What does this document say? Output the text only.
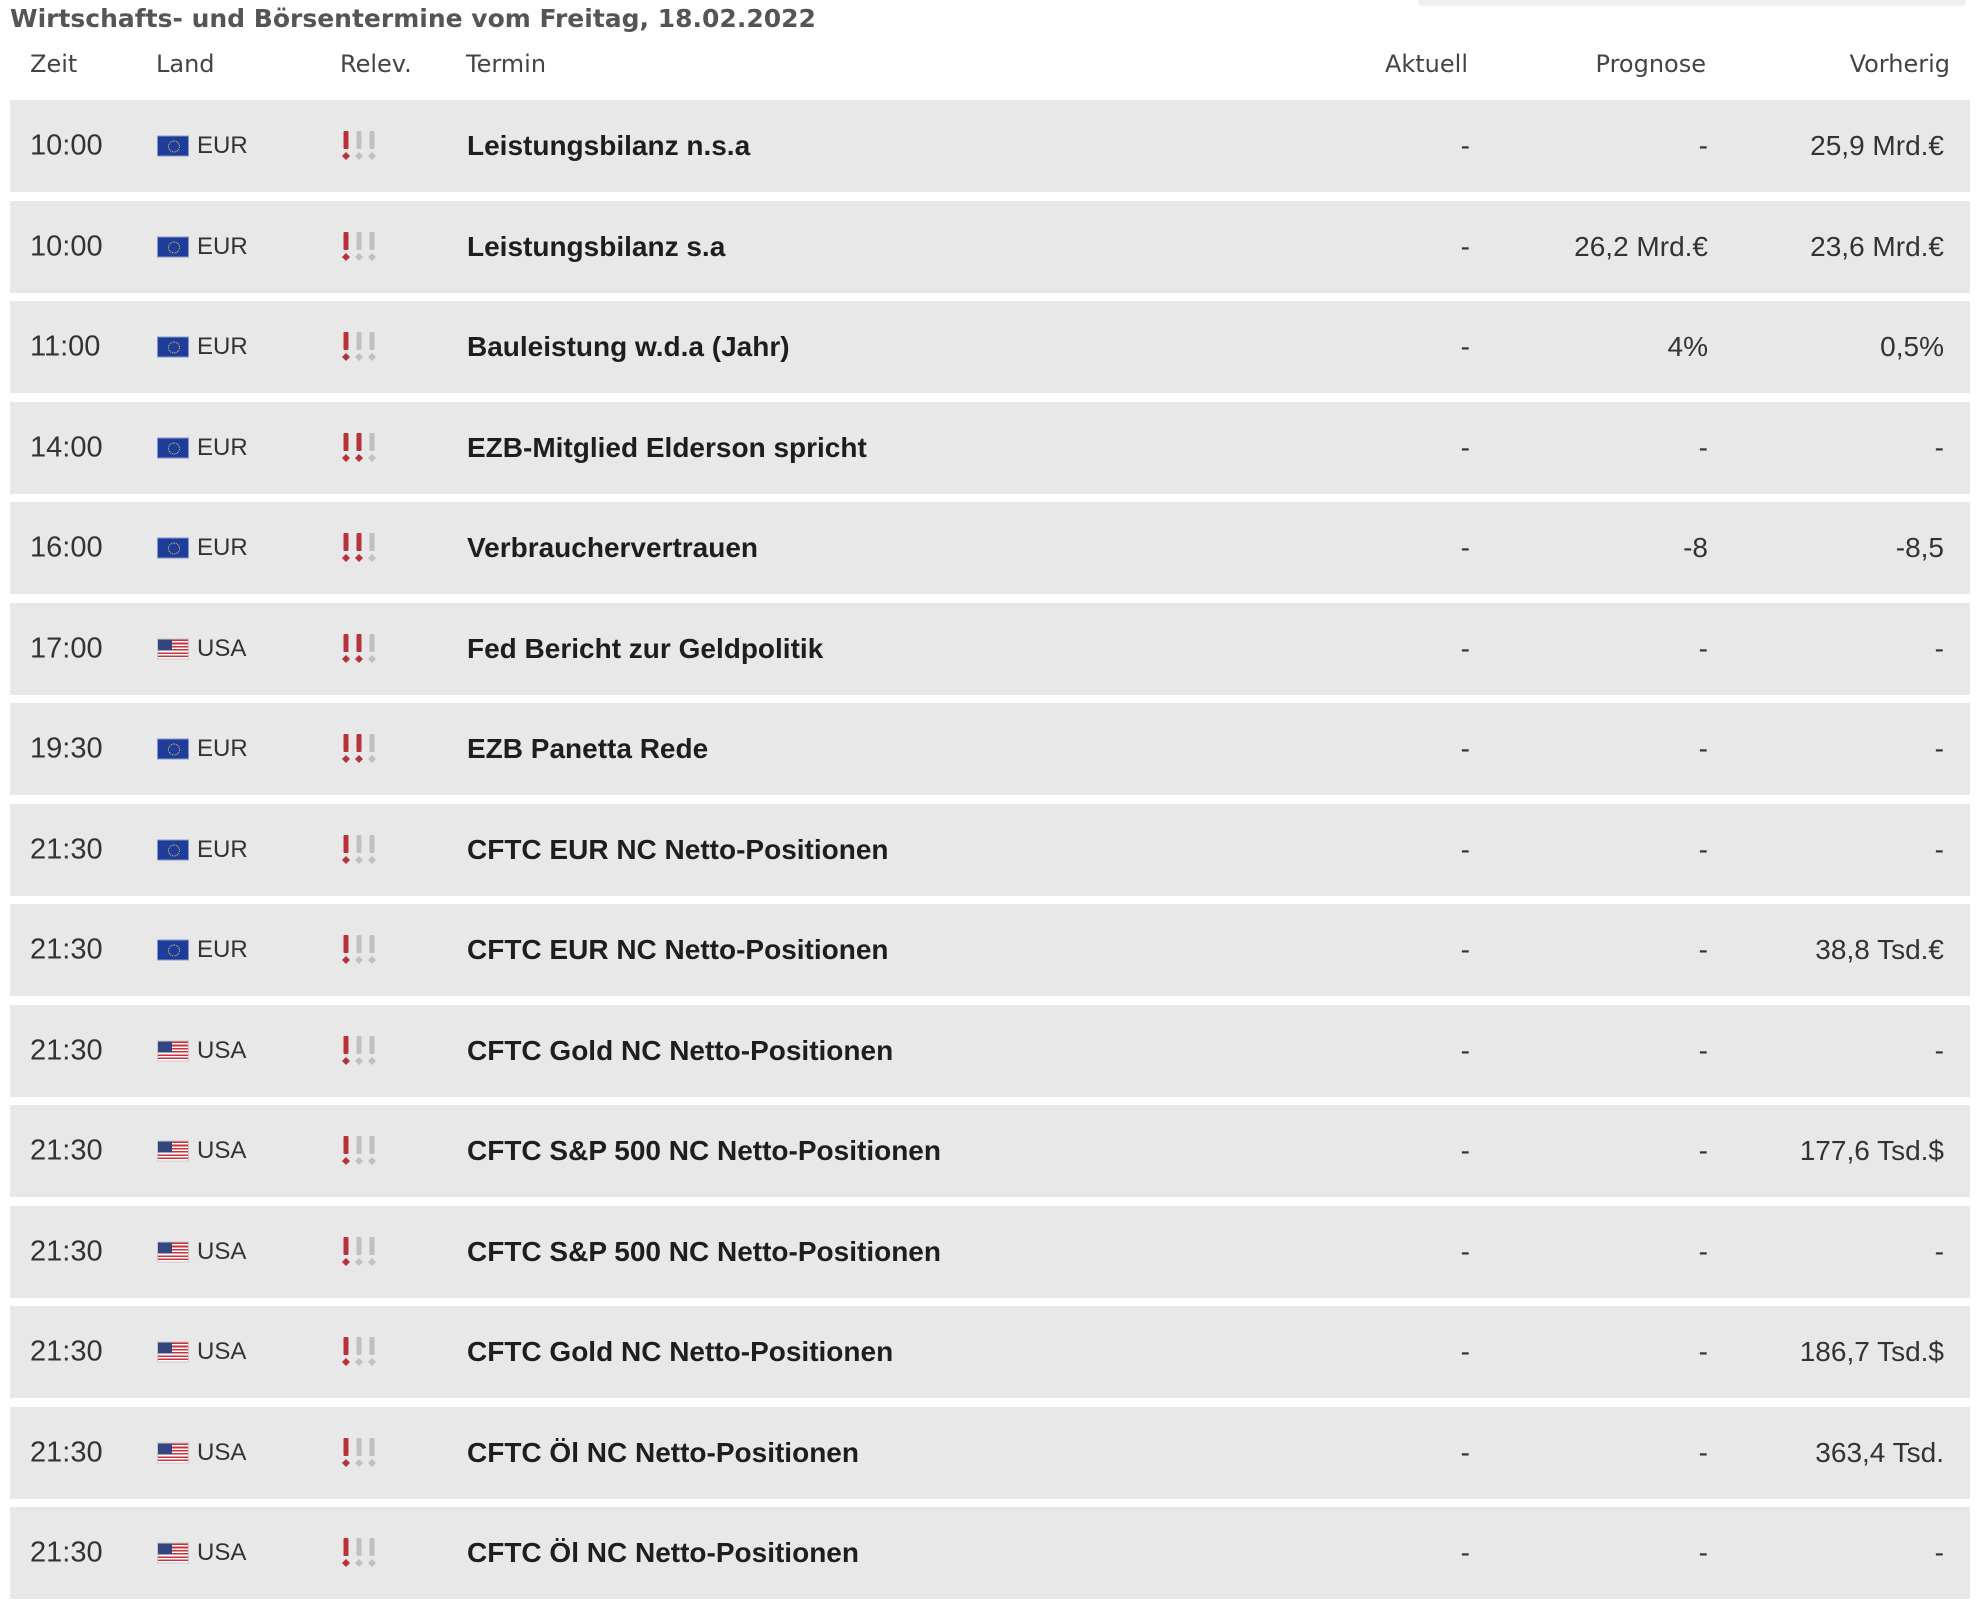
Wirtschafts- und Börsentermine vom Freitag, 18.02.2022
Zeit	Land	Relev. Termin	Aktuell	Prognose	Vorherig
10:00	EUR	Leistungsbilanz n.s.a	-	-	25,9 Mrd.€
10:00	EUR	Leistungsbilanz s.a	-	26,2 Mrd.€	23,6 Mrd.€
11:00	EUR	Bauleistung w.d.a (Jahr)	-	4%	0,5%
14:00	EUR	EZB-Mitglied Elderson spricht	-	-	-
16:00	EUR	Verbrauchervertrauen	-	-8	-8,5
17:00	USA	Fed Bericht zur Geldpolitik	-	-	-
19:30	EUR	EZB Panetta Rede	-	-	-
21:30	EUR	CFTC EUR NC Netto-Positionen	-	-	-
21:30	EUR	CFTC EUR NC Netto-Positionen	-	-	38,8 Tsd.€
21:30	USA	CFTC Gold NC Netto-Positionen	-	-	-
21:30	USA	CFTC S&P 500 NC Netto-Positionen	-	-	177,6 Tsd.$
21:30	USA	CFTC S&P 500 NC Netto-Positionen	-	-	-
21:30	USA	CFTC Gold NC Netto-Positionen	-	-	186,7 Tsd.$
21:30	USA	CFTC Öl NC Netto-Positionen	-	-	363,4 Tsd.
21:30	USA	CFTC Öl NC Netto-Positionen	-	-	-
